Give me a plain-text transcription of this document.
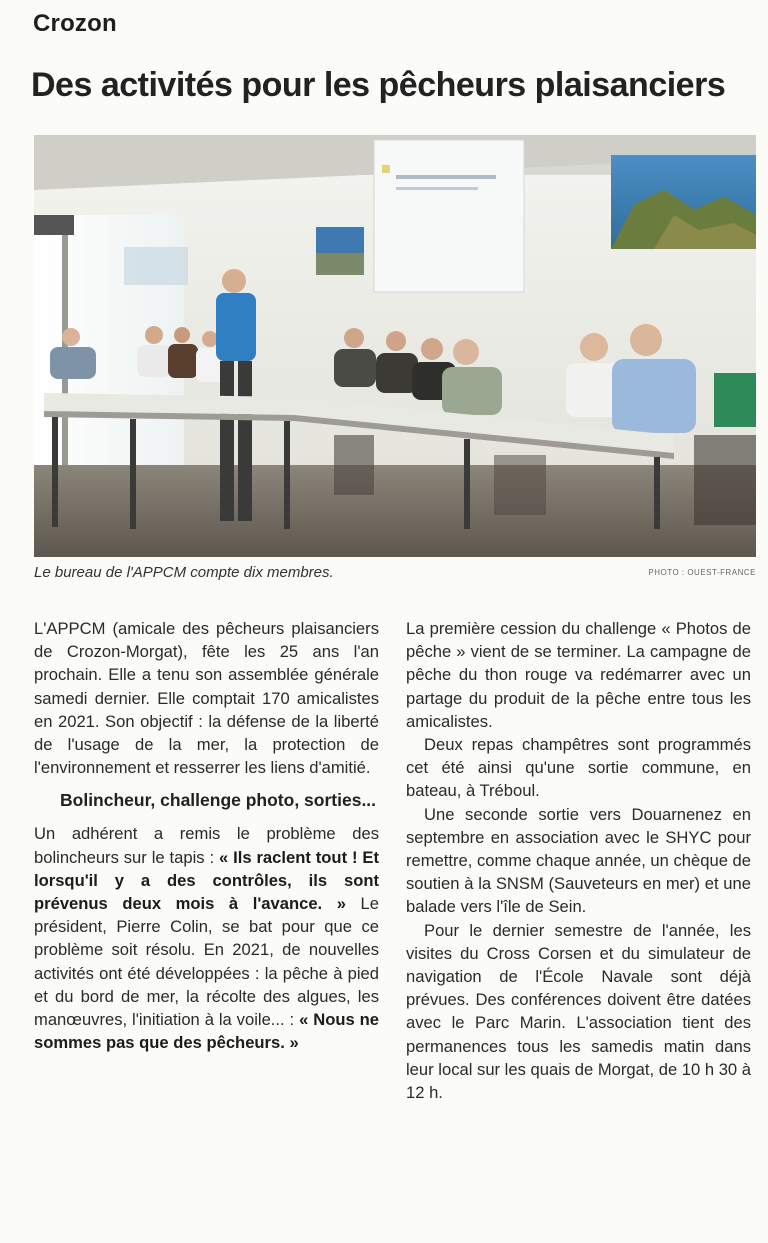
Crozon
Des activités pour les pêcheurs plaisanciers
Le bureau de l'APPCM compte dix membres.	PHOTO : OUEST-FRANCE

L'APPCM (amicale des pêcheurs plaisanciers de Crozon-Morgat), fête les 25 ans l'an prochain. Elle a tenu son assemblée générale samedi dernier. Elle comptait 170 amicalistes en 2021. Son objectif : la défense de la liberté de l'usage de la mer, la protection de l'environnement et resserrer les liens d'amitié.

Bolincheur, challenge photo, sorties...

Un adhérent a remis le problème des bolincheurs sur le tapis : « Ils raclent tout ! Et lorsqu'il y a des contrôles, ils sont prévenus deux mois à l'avance. » Le président, Pierre Colin, se bat pour que ce problème soit résolu. En 2021, de nouvelles activités ont été développées : la pêche à pied et du bord de mer, la récolte des algues, les manœuvres, l'initiation à la voile... : « Nous ne sommes pas que des pêcheurs. »

La première cession du challenge « Photos de pêche » vient de se terminer. La campagne de pêche du thon rouge va redémarrer avec un partage du produit de la pêche entre tous les amicalistes.

Deux repas champêtres sont programmés cet été ainsi qu'une sortie commune, en bateau, à Tréboul.

Une seconde sortie vers Douarnenez en septembre en association avec le SHYC pour remettre, comme chaque année, un chèque de soutien à la SNSM (Sauveteurs en mer) et une balade vers l'île de Sein.

Pour le dernier semestre de l'année, les visites du Cross Corsen et du simulateur de navigation de l'École Navale sont déjà prévues. Des conférences doivent être datées avec le Parc Marin. L'association tient des permanences tous les samedis matin dans leur local sur les quais de Morgat, de 10 h 30 à 12 h.
